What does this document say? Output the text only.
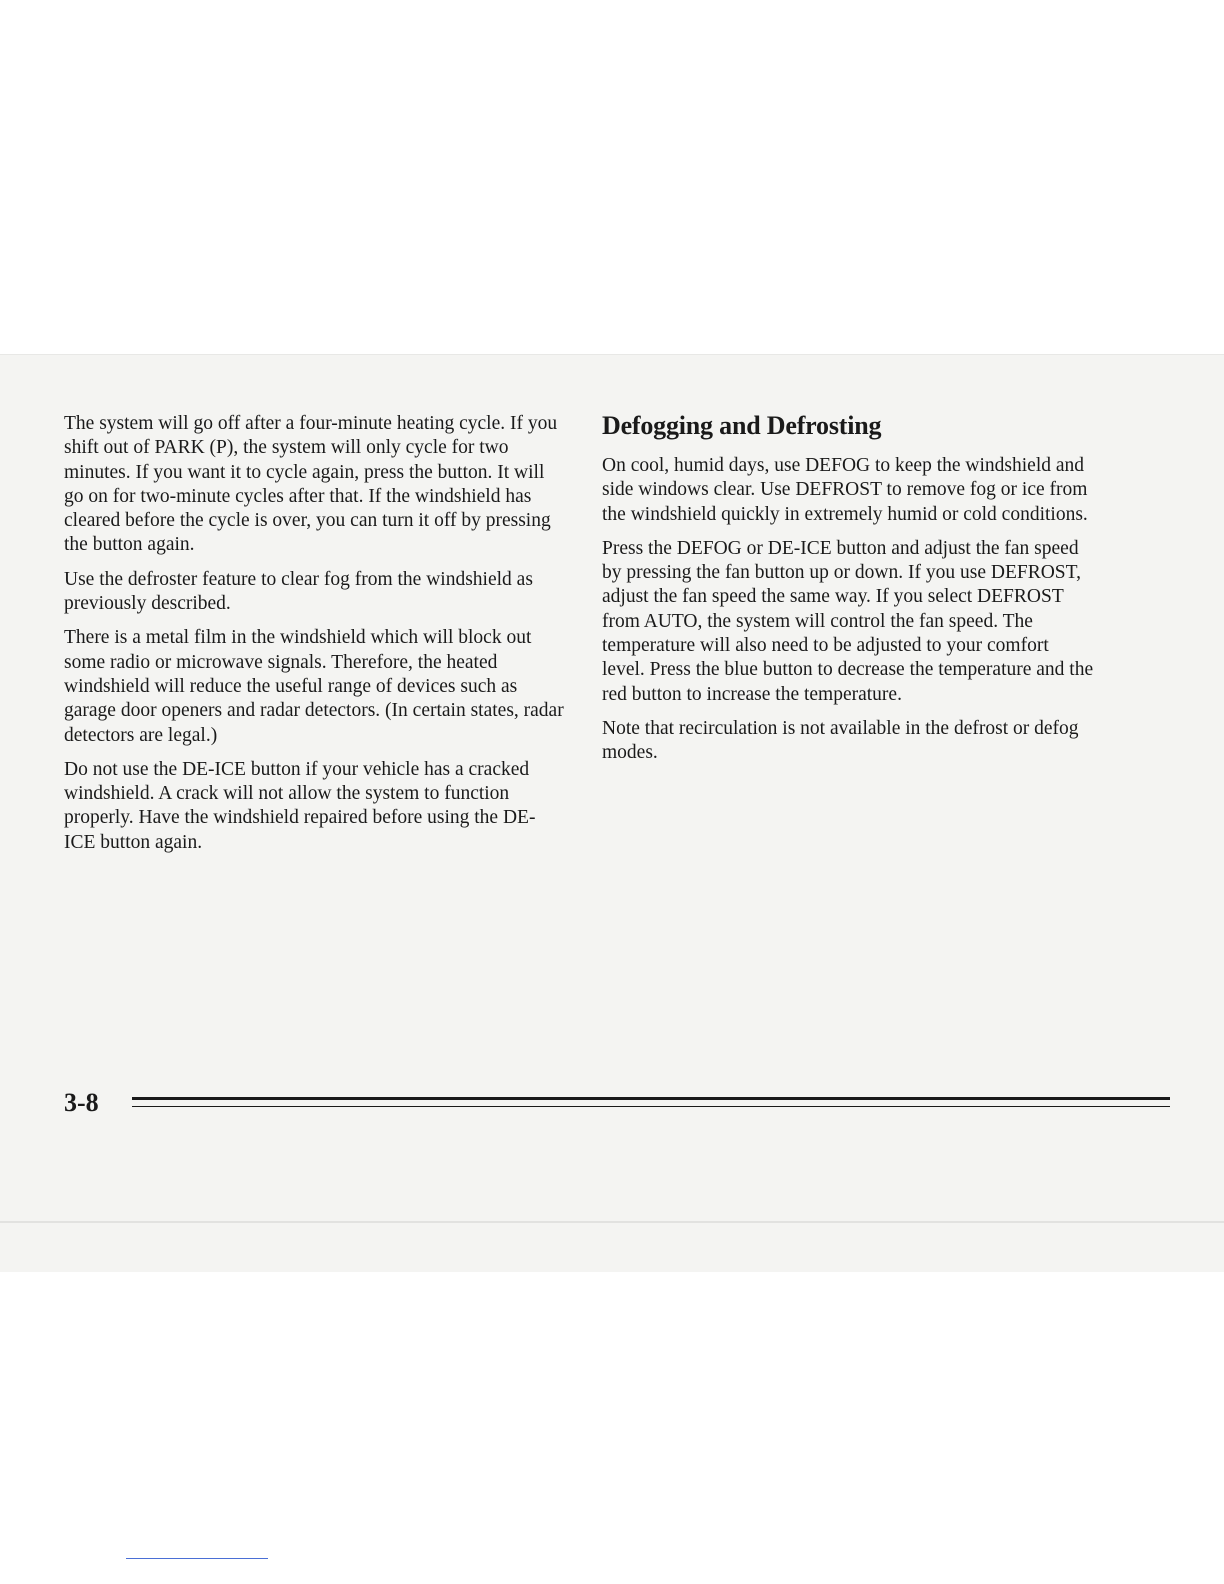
The system will go off after a four-minute heating cycle. If you shift out of PARK (P), the system will only cycle for two minutes. If you want it to cycle again, press the button. It will go on for two-minute cycles after that. If the windshield has cleared before the cycle is over, you can turn it off by pressing the button again.

Use the defroster feature to clear fog from the windshield as previously described.

There is a metal film in the windshield which will block out some radio or microwave signals. Therefore, the heated windshield will reduce the useful range of devices such as garage door openers and radar detectors. (In certain states, radar detectors are legal.)

Do not use the DE-ICE button if your vehicle has a cracked windshield. A crack will not allow the system to function properly. Have the windshield repaired before using the DE-ICE button again.

Defogging and Defrosting

On cool, humid days, use DEFOG to keep the windshield and side windows clear. Use DEFROST to remove fog or ice from the windshield quickly in extremely humid or cold conditions.

Press the DEFOG or DE-ICE button and adjust the fan speed by pressing the fan button up or down. If you use DEFROST, adjust the fan speed the same way. If you select DEFROST from AUTO, the system will control the fan speed. The temperature will also need to be adjusted to your comfort level. Press the blue button to decrease the temperature and the red button to increase the temperature.

Note that recirculation is not available in the defrost or defog modes.

3-8
